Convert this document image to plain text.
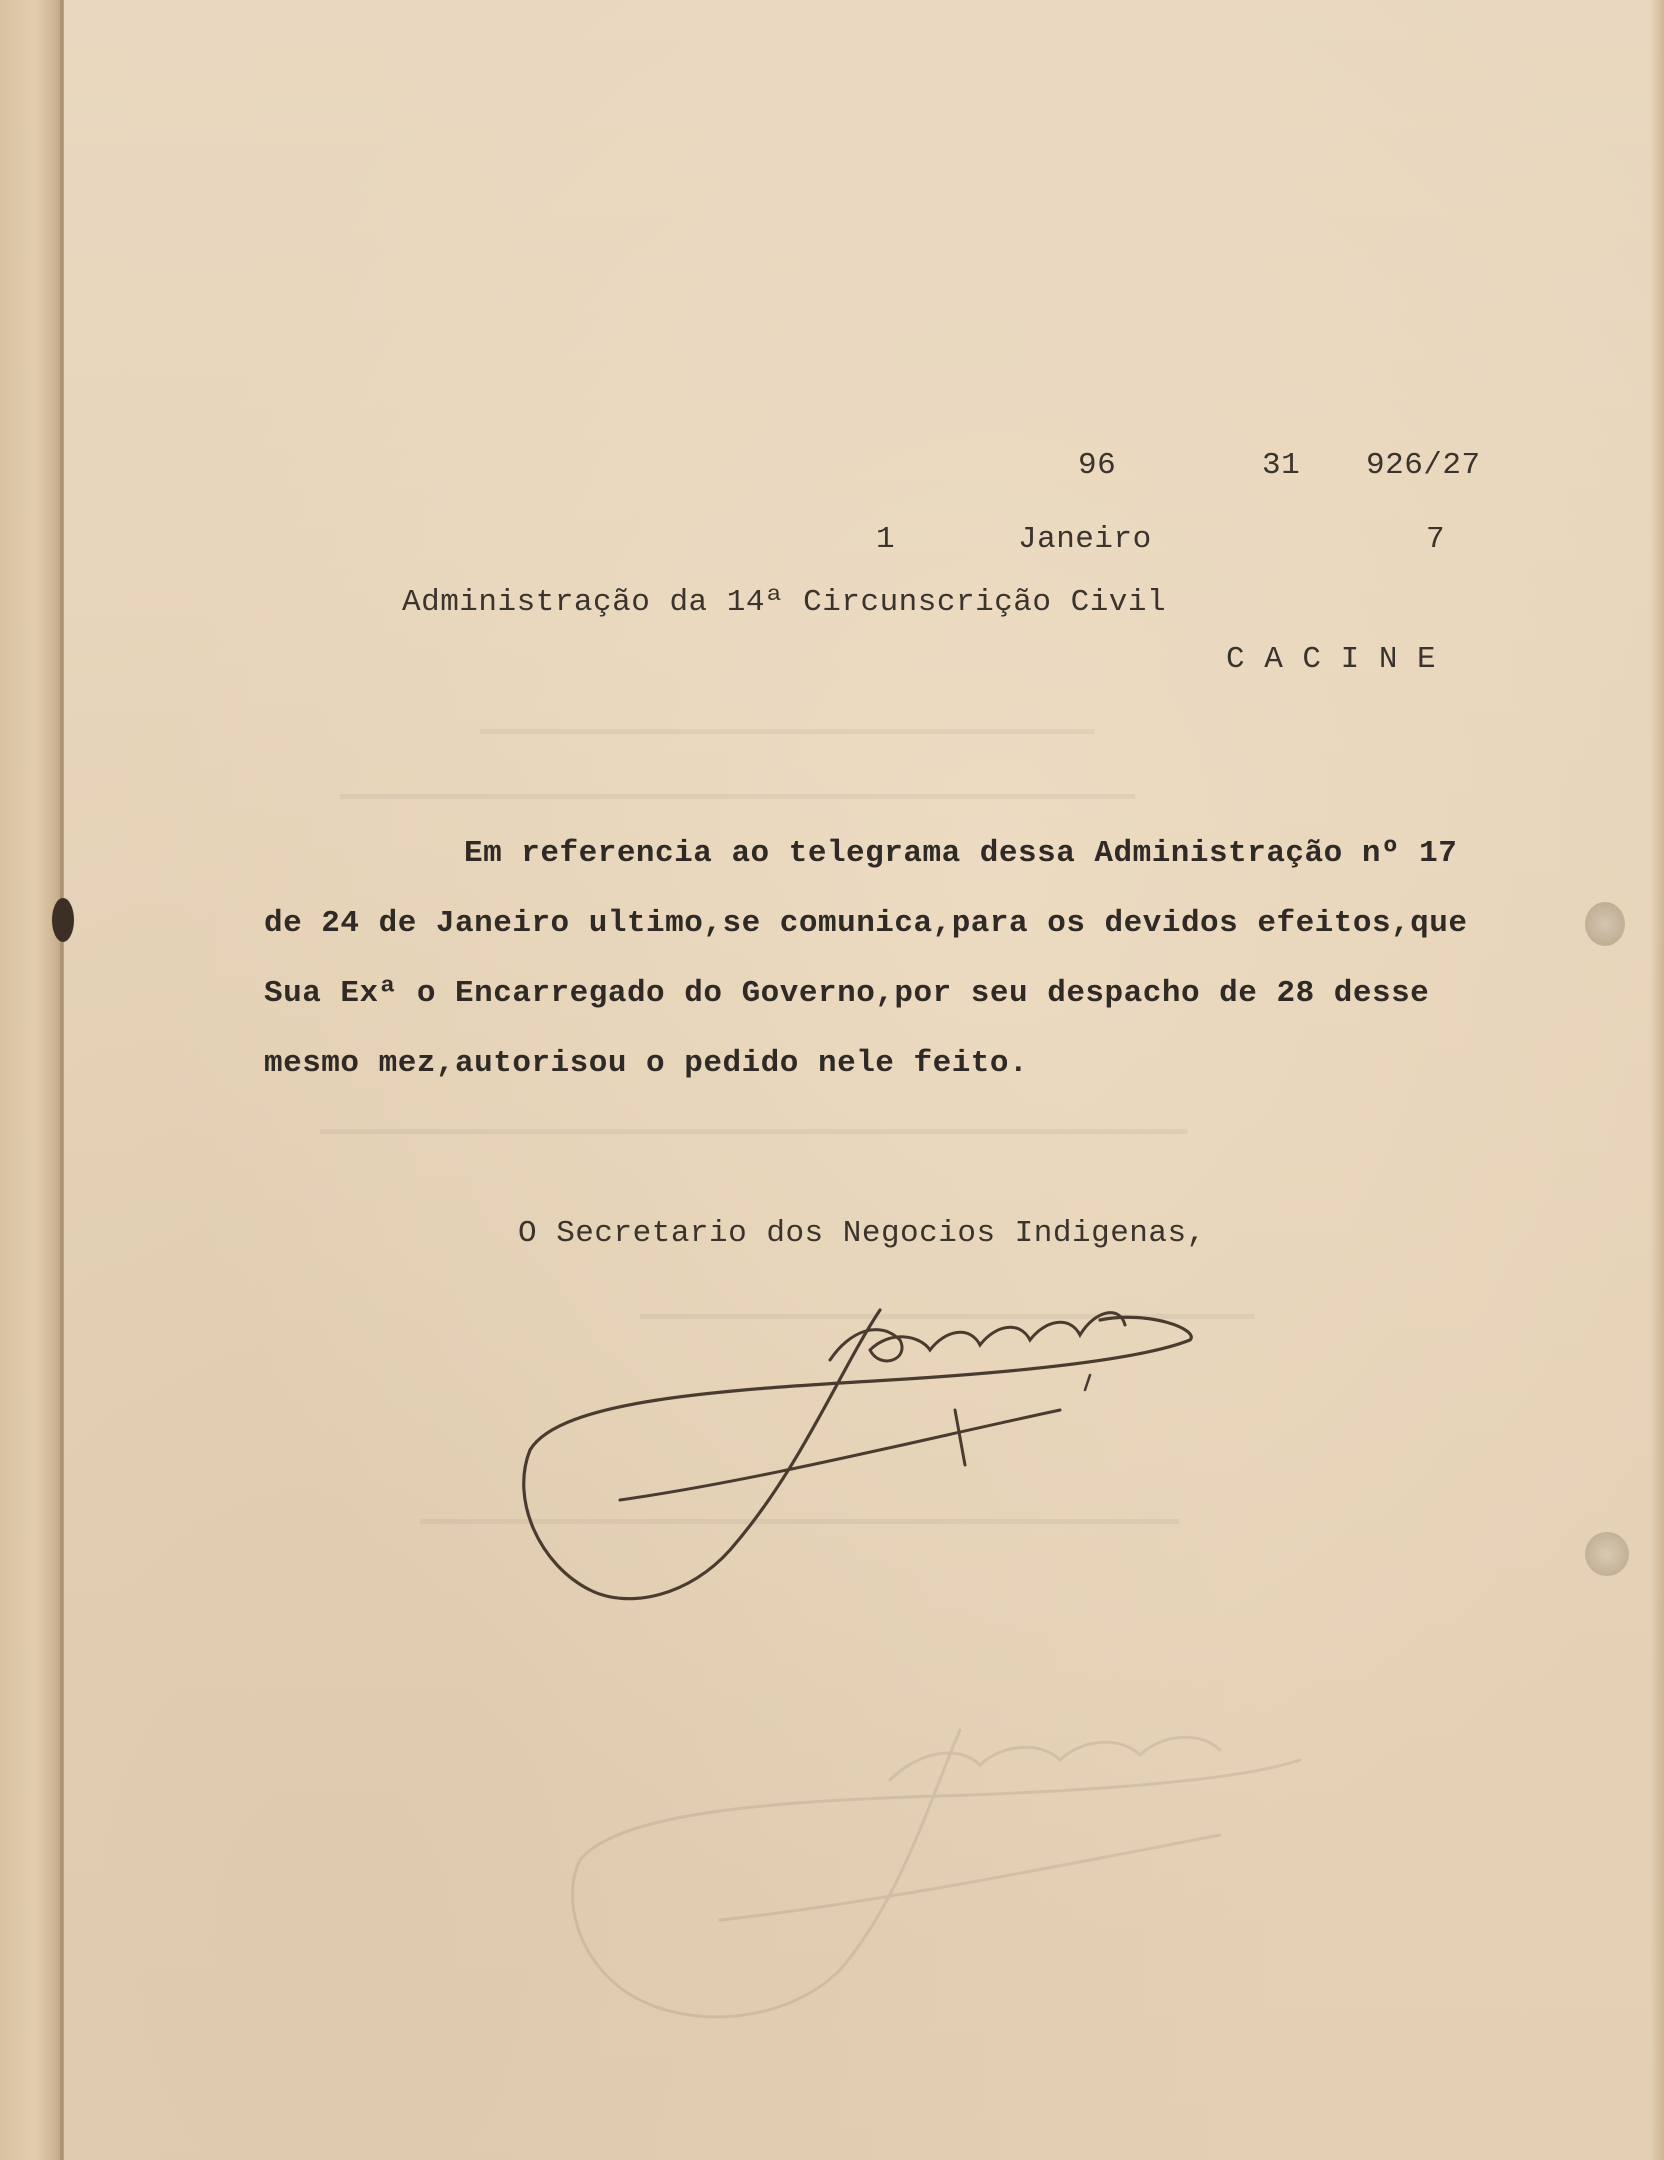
━━━━━━━━━━━━━━━━━━━━━━━━━━━━━━━━━━
━━━━━━━━━━━━━━━━━━━━━━━━━━━━━━━━━━━━━━━━━━━━
━━━━━━━━━━━━━━━━━━━━━━━━━━━━━━━━━━━━━━━━━━━━━━━━
━━━━━━━━━━━━━━━━━━━━━━━━━━━━━━━━━━
━━━━━━━━━━━━━━━━━━━━━━━━━━━━━━━━━━━━━━━━━━
96	31 926/27
1	Janeiro	7
Administração da 14ª Circunscrição Civil
C A C I N E
Em referencia ao telegrama dessa Administração nº 17
de 24 de Janeiro ultimo,se comunica,para os devidos efeitos,que
Sua Exª o Encarregado do Governo,por seu despacho de 28 desse
mesmo mez,autorisou o pedido nele feito.
O Secretario dos Negocios Indigenas,
